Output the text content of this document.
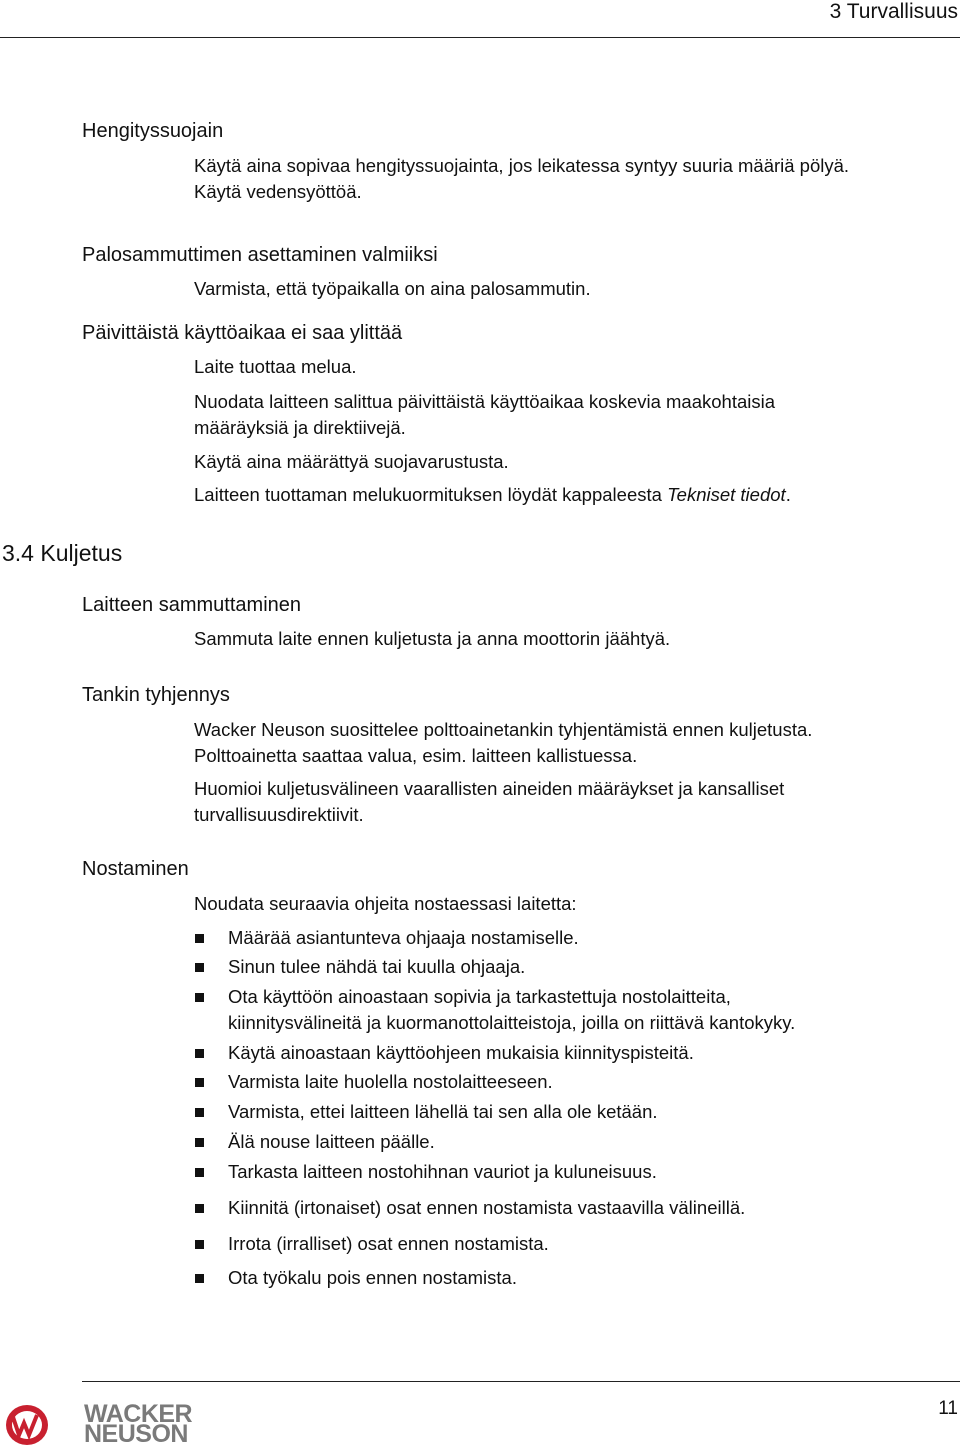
3 Turvallisuus
Hengityssuojain
Käytä aina sopivaa hengityssuojainta, jos leikatessa syntyy suuria määriä pölyä.
Käytä vedensyöttöä.
Palosammuttimen asettaminen valmiiksi
Varmista, että työpaikalla on aina palosammutin.
Päivittäistä käyttöaikaa ei saa ylittää
Laite tuottaa melua.
Nuodata laitteen salittua päivittäistä käyttöaikaa koskevia maakohtaisia
määräyksiä ja direktiivejä.
Käytä aina määrättyä suojavarustusta.
Laitteen tuottaman melukuormituksen löydät kappaleesta Tekniset tiedot.
3.4 Kuljetus
Laitteen sammuttaminen
Sammuta laite ennen kuljetusta ja anna moottorin jäähtyä.
Tankin tyhjennys
Wacker Neuson suosittelee polttoainetankin tyhjentämistä ennen kuljetusta.
Polttoainetta saattaa valua, esim. laitteen kallistuessa.
Huomioi kuljetusvälineen vaarallisten aineiden määräykset ja kansalliset
turvallisuusdirektiivit.
Nostaminen
Noudata seuraavia ohjeita nostaessasi laitetta:
Määrää asiantunteva ohjaaja nostamiselle.
Sinun tulee nähdä tai kuulla ohjaaja.
Ota käyttöön ainoastaan sopivia ja tarkastettuja nostolaitteita,
kiinnitysvälineitä ja kuormanottolaitteistoja, joilla on riittävä kantokyky.
Käytä ainoastaan käyttöohjeen mukaisia kiinnityspisteitä.
Varmista laite huolella nostolaitteeseen.
Varmista, ettei laitteen lähellä tai sen alla ole ketään.
Älä nouse laitteen päälle.
Tarkasta laitteen nostohihnan vauriot ja kuluneisuus.
Kiinnitä (irtonaiset) osat ennen nostamista vastaavilla välineillä.
Irrota (irralliset) osat ennen nostamista.
Ota työkalu pois ennen nostamista.
WACKER
NEUSON
11
